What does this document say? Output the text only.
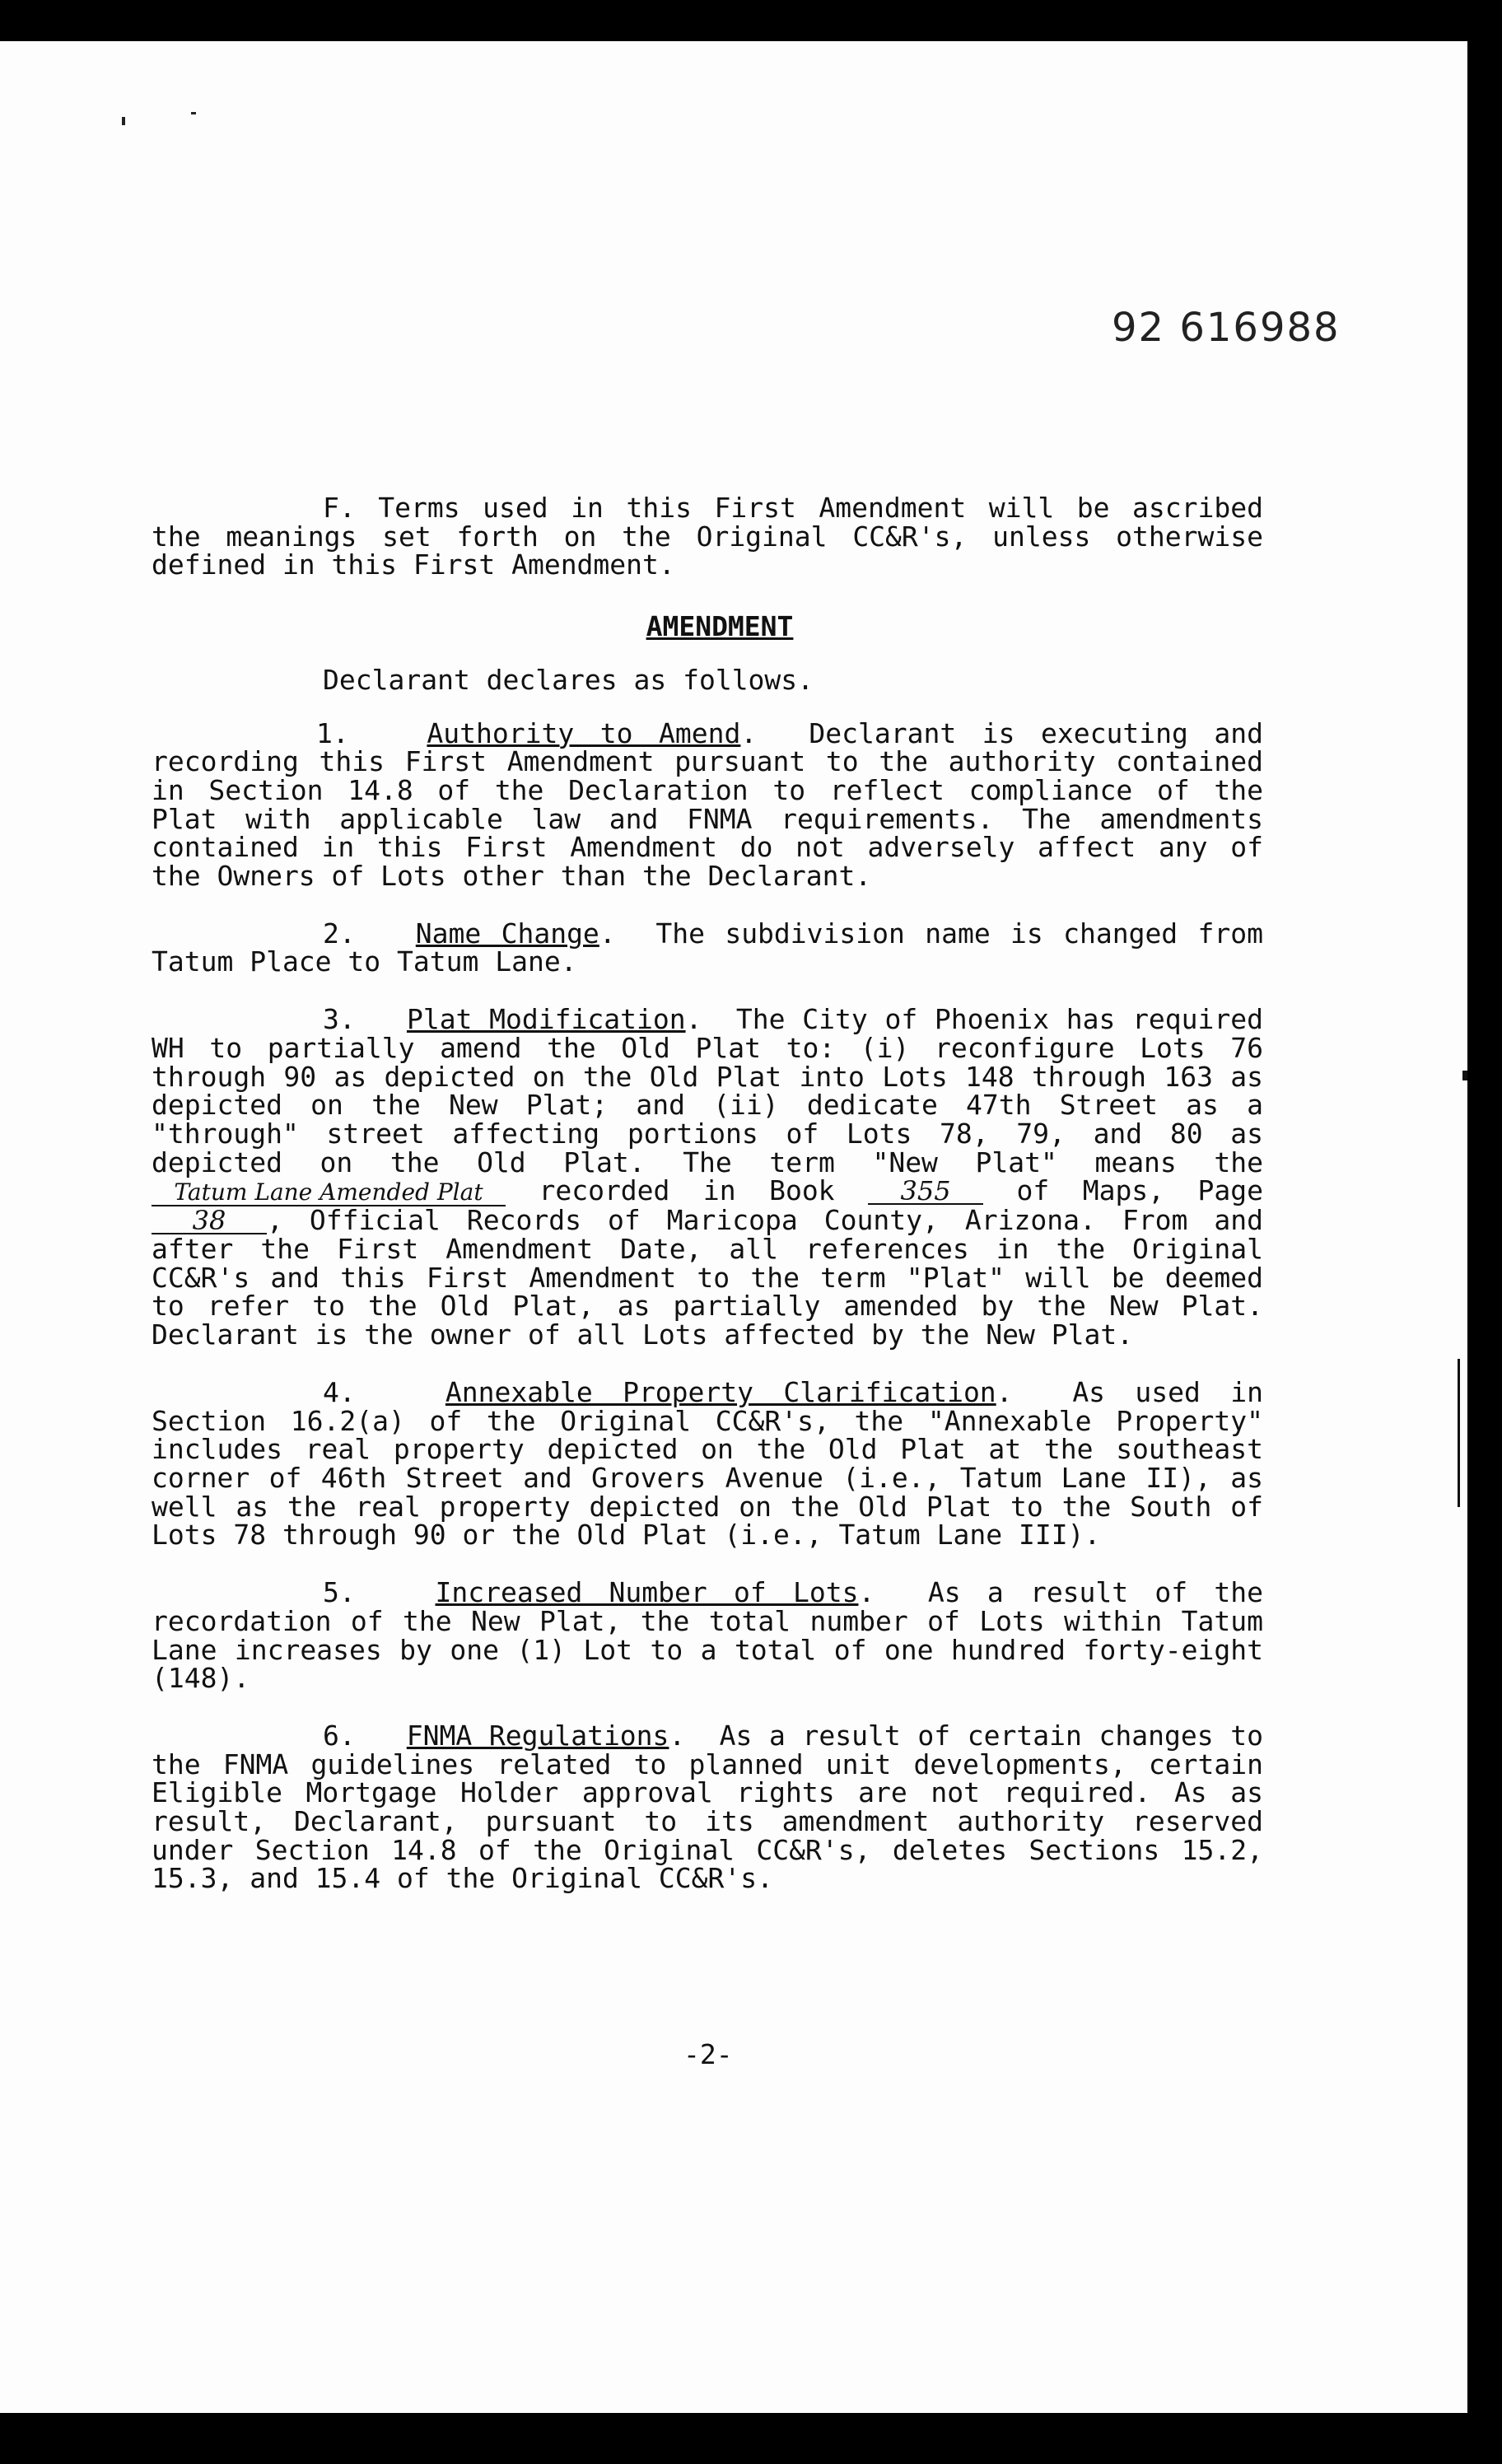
92 616988

F. Terms used in this First Amendment will be ascribed the meanings set forth on the Original CC&R's, unless otherwise defined in this First Amendment.

AMENDMENT

Declarant declares as follows.

1.	Authority to Amend.  Declarant is executing and recording this First Amendment pursuant to the authority contained in Section 14.8 of the Declaration to reflect compliance of the Plat with applicable law and FNMA requirements. The amendments contained in this First Amendment do not adversely affect any of the Owners of Lots other than the Declarant.

2. Name Change.  The subdivision name is changed from Tatum Place to Tatum Lane.

3. Plat Modification.  The City of Phoenix has required WH to partially amend the Old Plat to: (i) reconfigure Lots 76 through 90 as depicted on the Old Plat into Lots 148 through 163 as depicted on the New Plat; and (ii) dedicate 47th Street as a "through" street affecting portions of Lots 78, 79, and 80 as depicted on the Old Plat. The term "New Plat" means the Tatum Lane Amended Plat recorded in Book 355 of Maps, Page 38 , Official Records of Maricopa County, Arizona. From and after the First Amendment Date, all references in the Original CC&R's and this First Amendment to the term "Plat" will be deemed to refer to the Old Plat, as partially amended by the New Plat. Declarant is the owner of all Lots affected by the New Plat.

4.	Annexable Property Clarification.  As used in Section 16.2(a) of the Original CC&R's, the "Annexable Property" includes real property depicted on the Old Plat at the southeast corner of 46th Street and Grovers Avenue (i.e., Tatum Lane II), as well as the real property depicted on the Old Plat to the South of Lots 78 through 90 or the Old Plat (i.e., Tatum Lane III).

5.	Increased Number of Lots.  As a result of the recordation of the New Plat, the total number of Lots within Tatum Lane increases by one (1) Lot to a total of one hundred forty-eight (148).

6. FNMA Regulations.  As a result of certain changes to the FNMA guidelines related to planned unit developments, certain Eligible Mortgage Holder approval rights are not required. As as result, Declarant, pursuant to its amendment authority reserved under Section 14.8 of the Original CC&R's, deletes Sections 15.2, 15.3, and 15.4 of the Original CC&R's.

-2-
